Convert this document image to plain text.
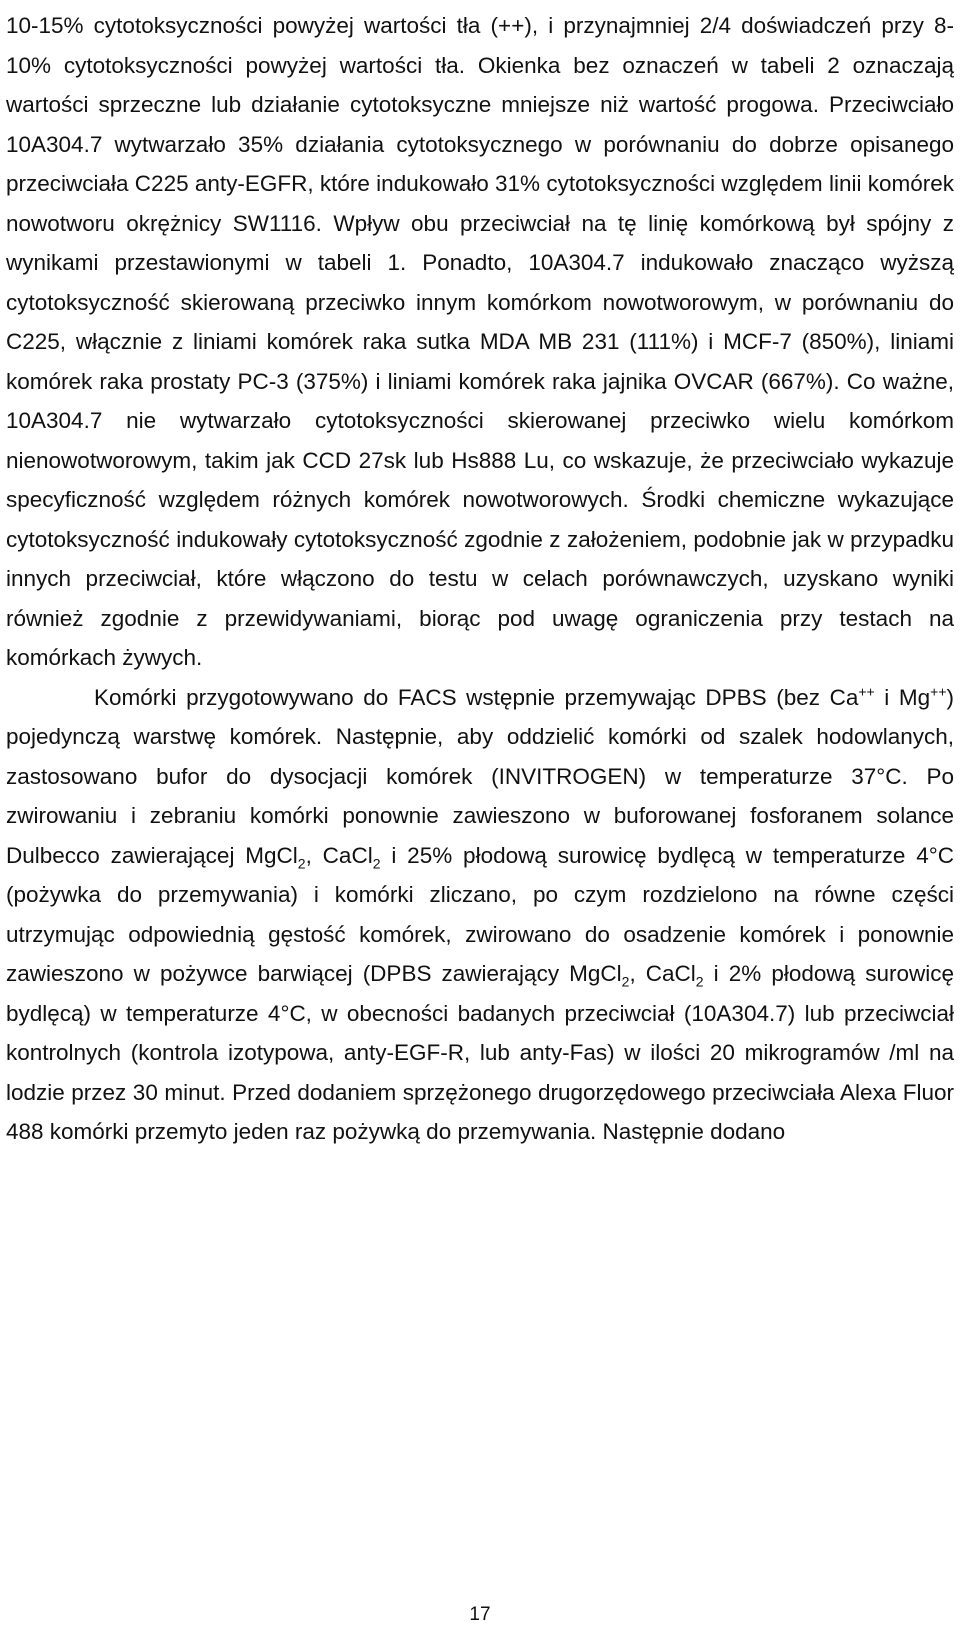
10-15% cytotoksyczności powyżej wartości tła (++), i przynajmniej 2/4 doświadczeń przy 8-10% cytotoksyczności powyżej wartości tła. Okienka bez oznaczeń w tabeli 2 oznaczają wartości sprzeczne lub działanie cytotoksyczne mniejsze niż wartość progowa. Przeciwciało 10A304.7 wytwarzało 35% działania cytotoksycznego w porównaniu do dobrze opisanego przeciwciała C225 anty-EGFR, które indukowało 31% cytotoksyczności względem linii komórek nowotworu okrężnicy SW1116. Wpływ obu przeciwciał na tę linię komórkową był spójny z wynikami przestawionymi w tabeli 1. Ponadto, 10A304.7 indukowało znacząco wyższą cytotoksyczność skierowaną przeciwko innym komórkom nowotworowym, w porównaniu do C225, włącznie z liniami komórek raka sutka MDA MB 231 (111%) i MCF-7 (850%), liniami komórek raka prostaty PC-3 (375%) i liniami komórek raka jajnika OVCAR (667%). Co ważne, 10A304.7 nie wytwarzało cytotoksyczności skierowanej przeciwko wielu komórkom nienowotworowym, takim jak CCD 27sk lub Hs888 Lu, co wskazuje, że przeciwciało wykazuje specyficzność względem różnych komórek nowotworowych. Środki chemiczne wykazujące cytotoksyczność indukowały cytotoksyczność zgodnie z założeniem, podobnie jak w przypadku innych przeciwciał, które włączono do testu w celach porównawczych, uzyskano wyniki również zgodnie z przewidywaniami, biorąc pod uwagę ograniczenia przy testach na komórkach żywych.

Komórki przygotowywano do FACS wstępnie przemywając DPBS (bez Ca++ i Mg++) pojedynczą warstwę komórek. Następnie, aby oddzielić komórki od szalek hodowlanych, zastosowano bufor do dysocjacji komórek (INVITROGEN) w temperaturze 37°C. Po zwirowaniu i zebraniu komórki ponownie zawieszono w buforowanej fosforanem solance Dulbecco zawierającej MgCl$_2$, CaCl$_2$ i 25% płodową surowicę bydlęcą w temperaturze 4°C (pożywka do przemywania) i komórki zliczano, po czym rozdzielono na równe części utrzymując odpowiednią gęstość komórek, zwirowano do osadzenie komórek i ponownie zawieszono w pożywce barwiącej (DPBS zawierający MgCl$_2$, CaCl$_2$ i 2% płodową surowicę bydlęcą) w temperaturze 4°C, w obecności badanych przeciwciał (10A304.7) lub przeciwciał kontrolnych (kontrola izotypowa, anty-EGF-R, lub anty-Fas) w ilości 20 mikrogramów /ml na lodzie przez 30 minut. Przed dodaniem sprzężonego drugorzędowego przeciwciała Alexa Fluor 488 komórki przemyto jeden raz pożywką do przemywania. Następnie dodano

17
